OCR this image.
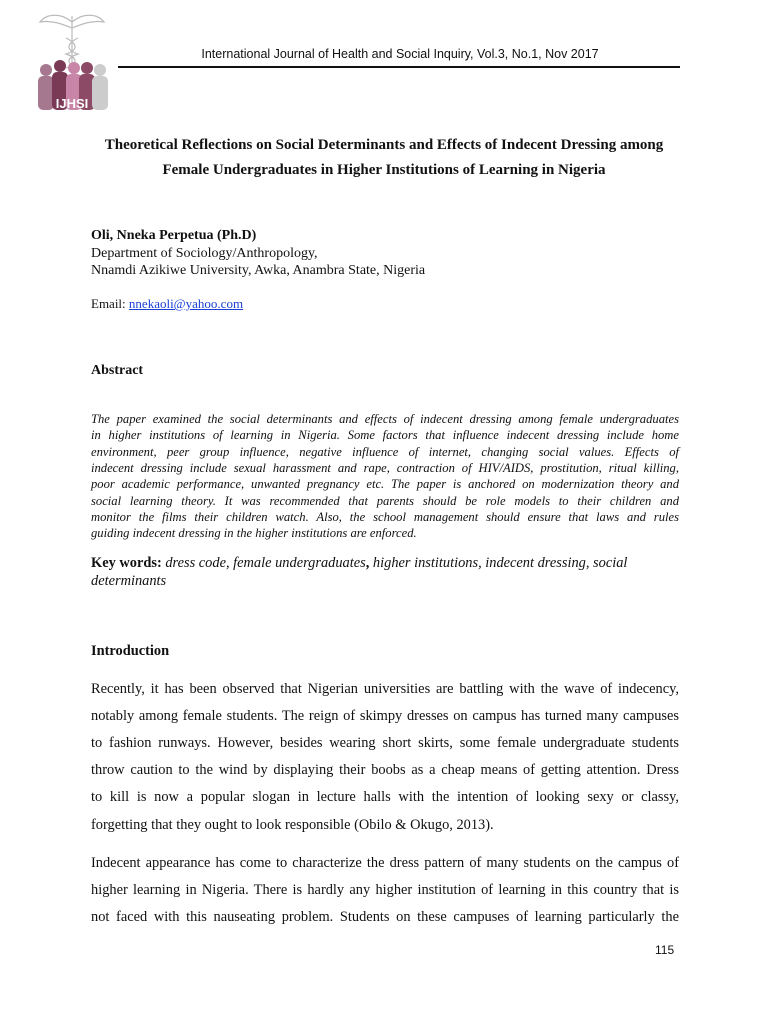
IJHSI
International Journal of Health and Social Inquiry, Vol.3, No.1, Nov 2017
Theoretical Reflections on Social Determinants and Effects of Indecent Dressing among
Female Undergraduates in Higher Institutions of Learning in Nigeria
Oli, Nneka Perpetua (Ph.D)
Department of Sociology/Anthropology,
Nnamdi Azikiwe University, Awka, Anambra State, Nigeria
Email: nnekaoli@yahoo.com
Abstract
The paper examined the social determinants and effects of indecent dressing among female undergraduates
in higher institutions of learning in Nigeria. Some factors that influence indecent dressing include home
environment, peer group influence, negative influence of internet, changing social values. Effects of
indecent dressing include sexual harassment and rape, contraction of HIV/AIDS, prostitution, ritual killing,
poor academic performance, unwanted pregnancy etc. The paper is anchored on modernization theory and
social learning theory. It was recommended that parents should be role models to their children and
monitor the films their children watch. Also, the school management should ensure that laws and rules
guiding indecent dressing in the higher institutions are enforced.
Key words: dress code, female undergraduates, higher institutions, indecent dressing, social
determinants
Introduction
Recently, it has been observed that Nigerian universities are battling with the wave of indecency,
notably among female students. The reign of skimpy dresses on campus has turned many campuses
to fashion runways. However, besides wearing short skirts, some female undergraduate students
throw caution to the wind by displaying their boobs as a cheap means of getting attention. Dress
to kill is now a popular slogan in lecture halls with the intention of looking sexy or classy,
forgetting that they ought to look responsible (Obilo & Okugo, 2013).
Indecent appearance has come to characterize the dress pattern of many students on the campus of
higher learning in Nigeria. There is hardly any higher institution of learning in this country that is
not faced with this nauseating problem. Students on these campuses of learning particularly the
115
